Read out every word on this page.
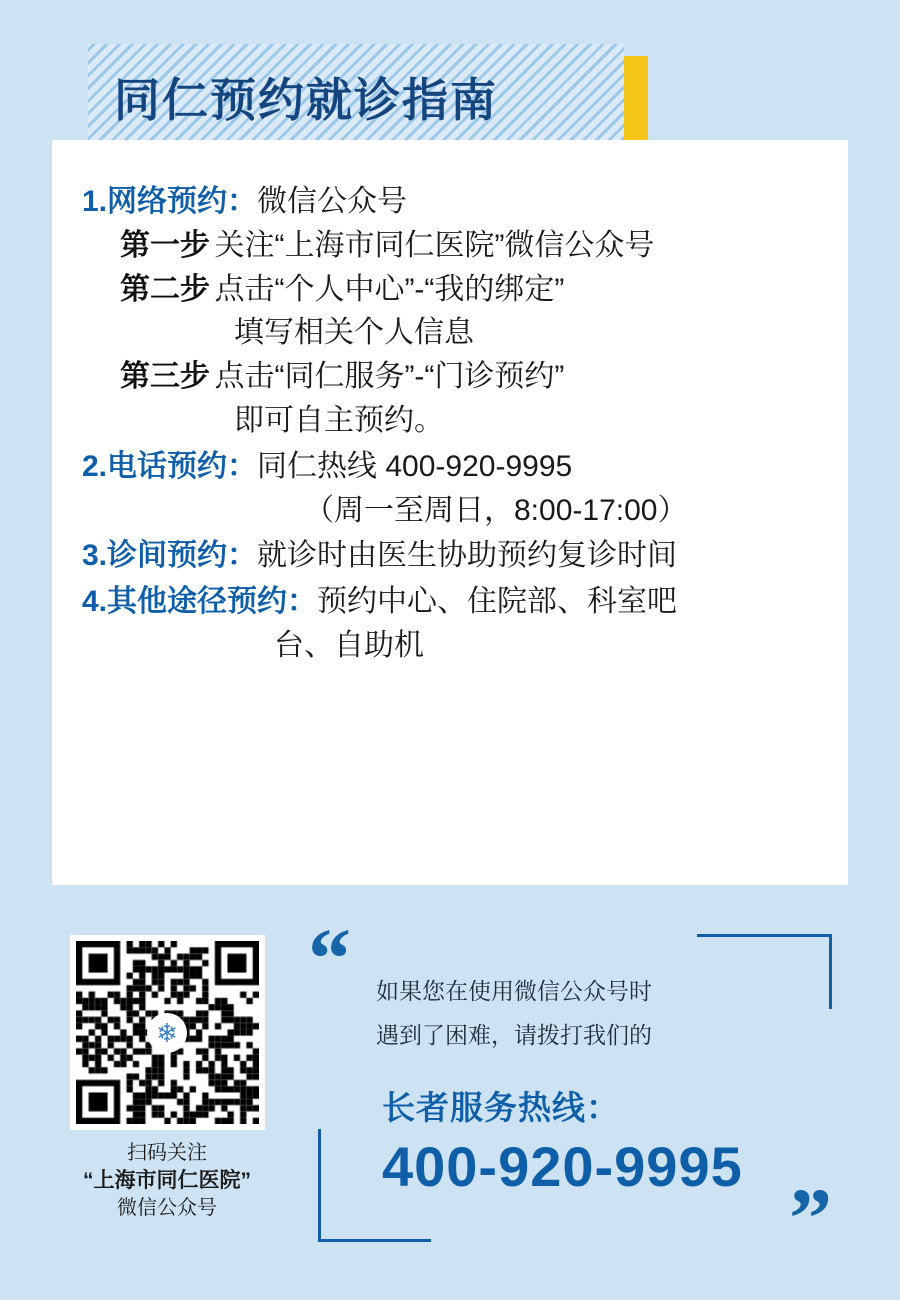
同仁预约就诊指南
1.网络预约：微信公众号
第一步 关注“上海市同仁医院”微信公众号
第二步 点击“个人中心”-“我的绑定”
填写相关个人信息
第三步 点击“同仁服务”-“门诊预约”
即可自主预约。
2.电话预约：同仁热线 400-920-9995
（周一至周日，8:00-17:00）
3.诊间预约：就诊时由医生协助预约复诊时间
4.其他途径预约：预约中心、住院部、科室吧
台、自助机
❄
扫码关注
“上海市同仁医院”
微信公众号
“ 如果您在使用微信公众号时
遇到了困难，请拨打我们的
长者服务热线：
400-920-9995
”
